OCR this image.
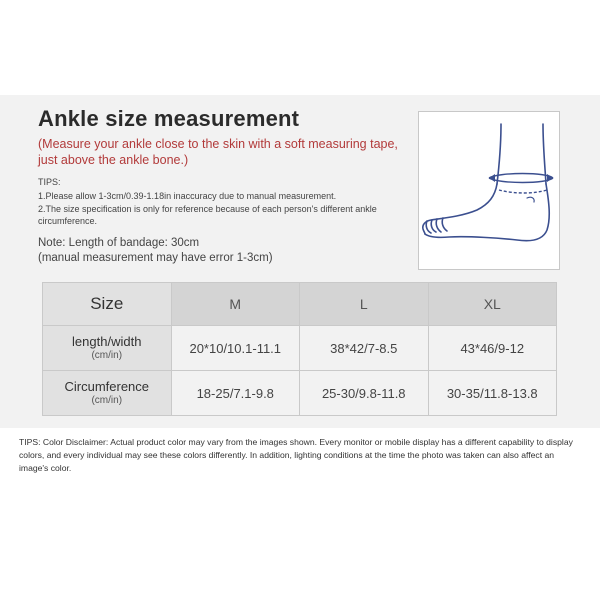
Ankle size measurement
(Measure your ankle close to the skin with a soft measuring tape, just above the ankle bone.)
TIPS:
1.Please allow 1-3cm/0.39-1.18in inaccuracy due to manual measurement.
2.The size specification is only for reference because of each person's different ankle circumference.
Note: Length of bandage: 30cm
(manual measurement may have error 1-3cm)
Size	M	L	XL

length/width
(cm/in)	20*10/10.1-11.1	38*42/7-8.5	43*46/9-12

Circumference
(cm/in)	18-25/7.1-9.8	25-30/9.8-11.8	30-35/11.8-13.8
TIPS: Color Disclaimer: Actual product color may vary from the images shown. Every monitor or mobile display has a different capability to display colors, and every individual may see these colors differently. In addition, lighting conditions at the time the photo was taken can also affect an image's color.
